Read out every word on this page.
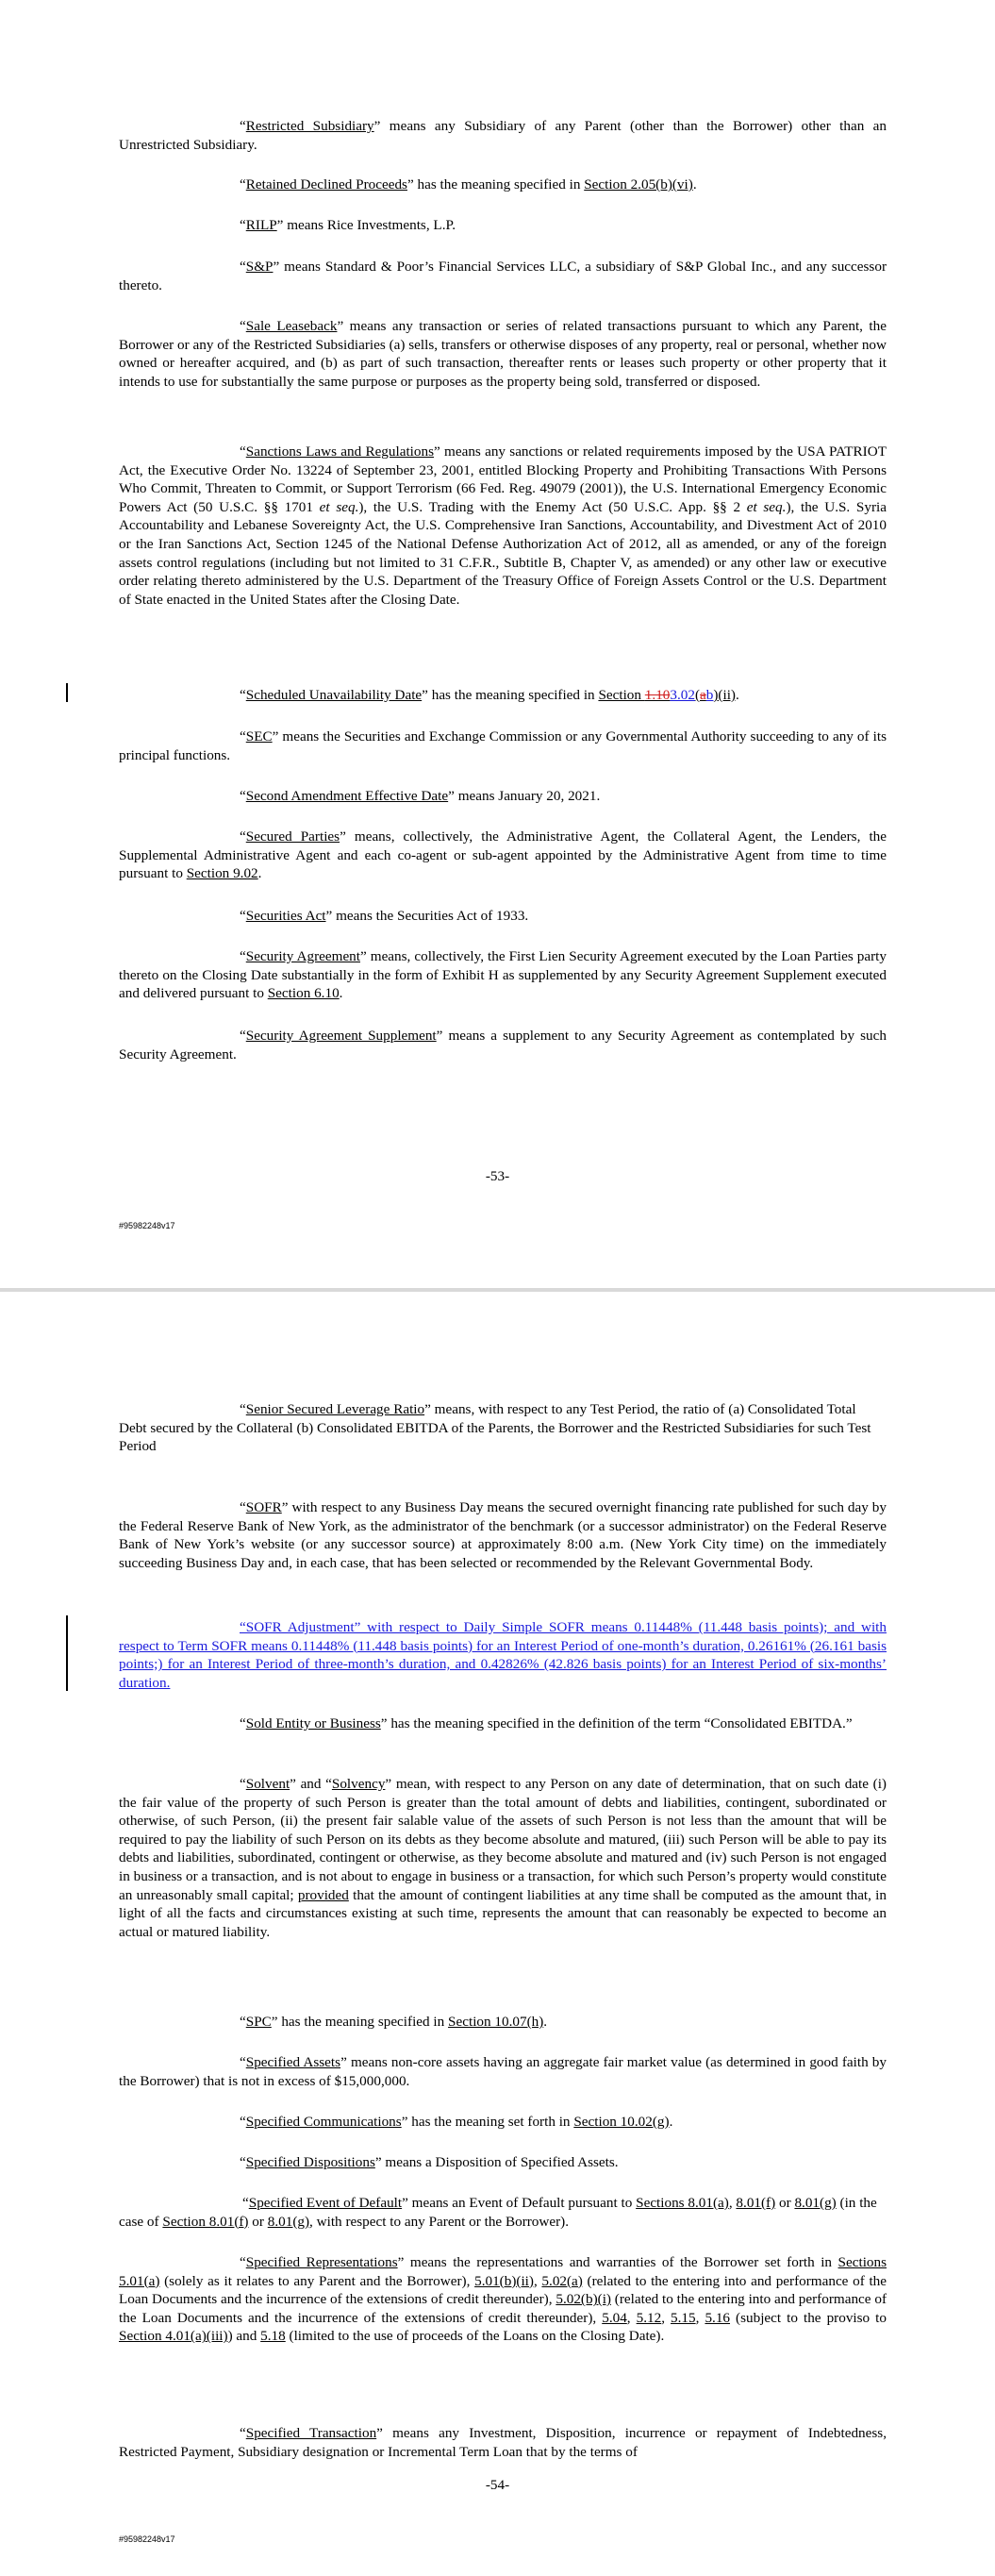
“Restricted Subsidiary” means any Subsidiary of any Parent (other than the Borrower) other than an Unrestricted Subsidiary.

“Retained Declined Proceeds” has the meaning specified in Section 2.05(b)(vi).

“RILP” means Rice Investments, L.P.

“S&P” means Standard & Poor’s Financial Services LLC, a subsidiary of S&P Global Inc., and any successor thereto.

“Sale Leaseback” means any transaction or series of related transactions pursuant to which any Parent, the Borrower or any of the Restricted Subsidiaries (a) sells, transfers or otherwise disposes of any property, real or personal, whether now owned or hereafter acquired, and (b) as part of such transaction, thereafter rents or leases such property or other property that it intends to use for substantially the same purpose or purposes as the property being sold, transferred or disposed.

“Sanctions Laws and Regulations” means any sanctions or related requirements imposed by the USA PATRIOT Act, the Executive Order No. 13224 of September 23, 2001, entitled Blocking Property and Prohibiting Transactions With Persons Who Commit, Threaten to Commit, or Support Terrorism (66 Fed. Reg. 49079 (2001)), the U.S. International Emergency Economic Powers Act (50 U.S.C. §§ 1701 et seq.), the U.S. Trading with the Enemy Act (50 U.S.C. App. §§ 2 et seq.), the U.S. Syria Accountability and Lebanese Sovereignty Act, the U.S. Comprehensive Iran Sanctions, Accountability, and Divestment Act of 2010 or the Iran Sanctions Act, Section 1245 of the National Defense Authorization Act of 2012, all as amended, or any of the foreign assets control regulations (including but not limited to 31 C.F.R., Subtitle B, Chapter V, as amended) or any other law or executive order relating thereto administered by the U.S. Department of the Treasury Office of Foreign Assets Control or the U.S. Department of State enacted in the United States after the Closing Date.

“Scheduled Unavailability Date” has the meaning specified in Section 1.103.02(ab)(ii).

“SEC” means the Securities and Exchange Commission or any Governmental Authority succeeding to any of its principal functions.

“Second Amendment Effective Date” means January 20, 2021.

“Secured Parties” means, collectively, the Administrative Agent, the Collateral Agent, the Lenders, the Supplemental Administrative Agent and each co-agent or sub-agent appointed by the Administrative Agent from time to time pursuant to Section 9.02.

“Securities Act” means the Securities Act of 1933.

“Security Agreement” means, collectively, the First Lien Security Agreement executed by the Loan Parties party thereto on the Closing Date substantially in the form of Exhibit H as supplemented by any Security Agreement Supplement executed and delivered pursuant to Section 6.10.

“Security Agreement Supplement” means a supplement to any Security Agreement as contemplated by such Security Agreement.

-53-
#95982248v17

“Senior Secured Leverage Ratio” means, with respect to any Test Period, the ratio of (a) Consolidated Total Debt secured by the Collateral (b) Consolidated EBITDA of the Parents, the Borrower and the Restricted Subsidiaries for such Test Period

“SOFR” with respect to any Business Day means the secured overnight financing rate published for such day by the Federal Reserve Bank of New York, as the administrator of the benchmark (or a successor administrator) on the Federal Reserve Bank of New York’s website (or any successor source) at approximately 8:00 a.m. (New York City time) on the immediately succeeding Business Day and, in each case, that has been selected or recommended by the Relevant Governmental Body.

“SOFR Adjustment” with respect to Daily Simple SOFR means 0.11448% (11.448 basis points); and with respect to Term SOFR means 0.11448% (11.448 basis points) for an Interest Period of one-month’s duration, 0.26161% (26.161 basis points;) for an Interest Period of three-month’s duration, and 0.42826% (42.826 basis points) for an Interest Period of six-months’ duration.

“Sold Entity or Business” has the meaning specified in the definition of the term “Consolidated EBITDA.”

“Solvent” and “Solvency” mean, with respect to any Person on any date of determination, that on such date (i) the fair value of the property of such Person is greater than the total amount of debts and liabilities, contingent, subordinated or otherwise, of such Person, (ii) the present fair salable value of the assets of such Person is not less than the amount that will be required to pay the liability of such Person on its debts as they become absolute and matured, (iii) such Person will be able to pay its debts and liabilities, subordinated, contingent or otherwise, as they become absolute and matured and (iv) such Person is not engaged in business or a transaction, and is not about to engage in business or a transaction, for which such Person’s property would constitute an unreasonably small capital; provided that the amount of contingent liabilities at any time shall be computed as the amount that, in light of all the facts and circumstances existing at such time, represents the amount that can reasonably be expected to become an actual or matured liability.

“SPC” has the meaning specified in Section 10.07(h).

“Specified Assets” means non-core assets having an aggregate fair market value (as determined in good faith by the Borrower) that is not in excess of $15,000,000.

“Specified Communications” has the meaning set forth in Section 10.02(g).

“Specified Dispositions” means a Disposition of Specified Assets.

“Specified Event of Default” means an Event of Default pursuant to Sections 8.01(a), 8.01(f) or 8.01(g) (in the case of Section 8.01(f) or 8.01(g), with respect to any Parent or the Borrower).

“Specified Representations” means the representations and warranties of the Borrower set forth in Sections 5.01(a) (solely as it relates to any Parent and the Borrower), 5.01(b)(ii), 5.02(a) (related to the entering into and performance of the Loan Documents and the incurrence of the extensions of credit thereunder), 5.02(b)(i) (related to the entering into and performance of the Loan Documents and the incurrence of the extensions of credit thereunder), 5.04, 5.12, 5.15, 5.16 (subject to the proviso to Section 4.01(a)(iii)) and 5.18 (limited to the use of proceeds of the Loans on the Closing Date).

“Specified Transaction” means any Investment, Disposition, incurrence or repayment of Indebtedness, Restricted Payment, Subsidiary designation or Incremental Term Loan that by the terms of

-54-
#95982248v17
